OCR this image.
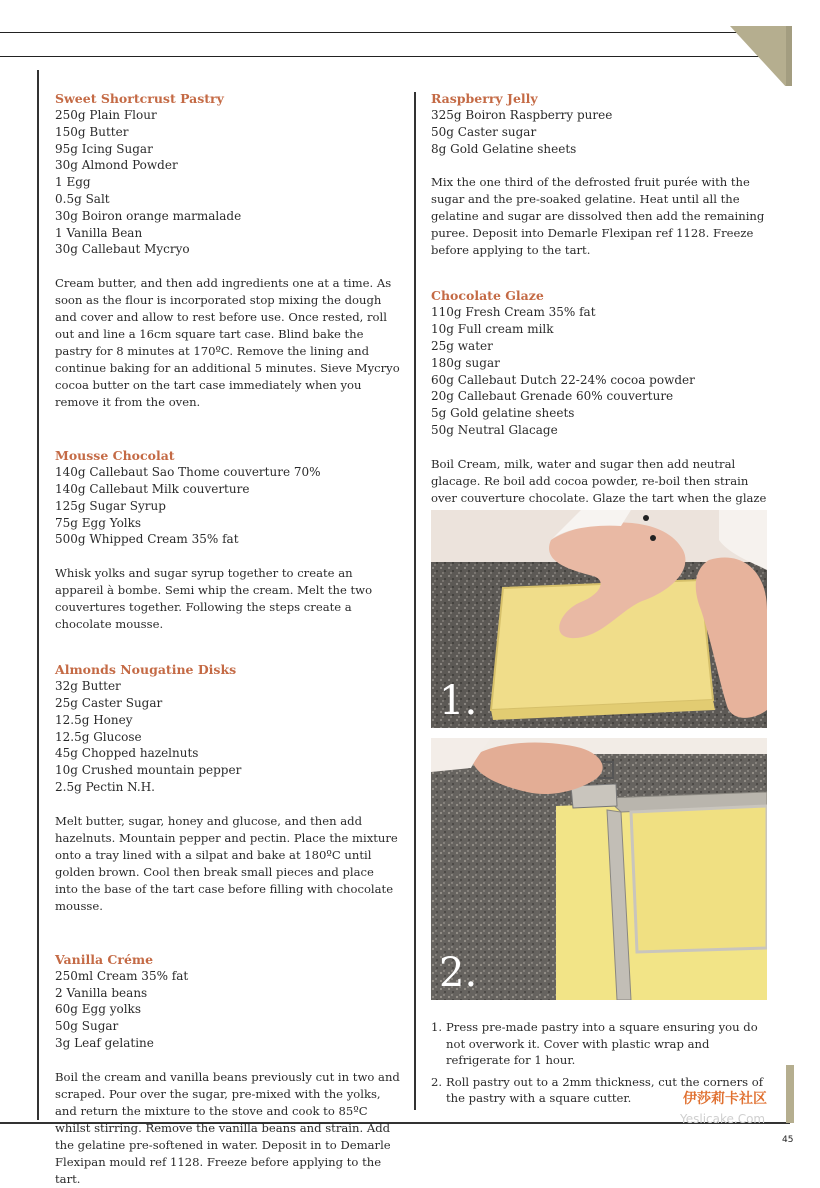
Sweet Shortcrust Pastry
250g Plain Flour
150g Butter
95g Icing Sugar
30g Almond Powder
1 Egg
0.5g Salt
30g Boiron orange marmalade
1 Vanilla Bean
30g Callebaut Mycryo
Cream butter, and then add ingredients one at a time. As soon as the flour is incorporated stop mixing the dough and cover and allow to rest before use. Once rested, roll out and line a 16cm square tart case. Blind bake the pastry for 8 minutes at 170ºC. Remove the lining and continue baking for an additional 5 minutes. Sieve Mycryo cocoa butter on the tart case immediately when you remove it from the oven.
Mousse Chocolat
140g Callebaut Sao Thome couverture 70%
140g Callebaut Milk couverture
125g Sugar Syrup
75g Egg Yolks
500g Whipped Cream 35% fat
Whisk yolks and sugar syrup together to create an appareil à bombe. Semi whip the cream. Melt the two couvertures together. Following the steps create a chocolate mousse.
Almonds Nougatine Disks
32g Butter
25g Caster Sugar
12.5g Honey
12.5g Glucose
45g Chopped hazelnuts
10g Crushed mountain pepper
2.5g Pectin N.H.
Melt butter, sugar, honey and glucose, and then add hazelnuts. Mountain pepper and pectin. Place the mixture onto a tray lined with a silpat and bake at 180ºC until golden brown. Cool then break small pieces and place into the base of the tart case before filling with chocolate mousse.
Vanilla Créme
250ml Cream 35% fat
2 Vanilla beans
60g Egg yolks
50g Sugar
3g Leaf gelatine
Boil the cream and vanilla beans previously cut in two and scraped. Pour over the sugar, pre-mixed with the yolks, and return the mixture to the stove and cook to 85ºC whilst stirring. Remove the vanilla beans and strain. Add the gelatine pre-softened in water. Deposit in to Demarle Flexipan mould ref 1128. Freeze before applying to the tart.
Raspberry Jelly
325g Boiron Raspberry puree
50g Caster sugar
8g Gold Gelatine sheets
Mix the one third of the defrosted fruit purée with the sugar and the pre-soaked gelatine. Heat until all the gelatine and sugar are dissolved then add the remaining puree. Deposit into Demarle Flexipan ref 1128. Freeze before applying to the tart.
Chocolate Glaze
110g Fresh Cream 35% fat
10g Full cream milk
25g water
180g sugar
60g Callebaut Dutch 22-24% cocoa powder
20g Callebaut Grenade 60% couverture
5g Gold gelatine sheets
50g Neutral Glacage
Boil Cream, milk, water and sugar then add neutral glacage. Re boil add cocoa powder, re-boil then strain over couverture chocolate. Glaze the tart when the glaze
1.
2.
1. Press pre-made pastry into a square ensuring you do not overwork it. Cover with plastic wrap and refrigerate for 1 hour.
2. Roll pastry out to a 2mm thickness, cut the corners of the pastry with a square cutter.	伊莎莉卡社区
Yeslicake.Com
45
